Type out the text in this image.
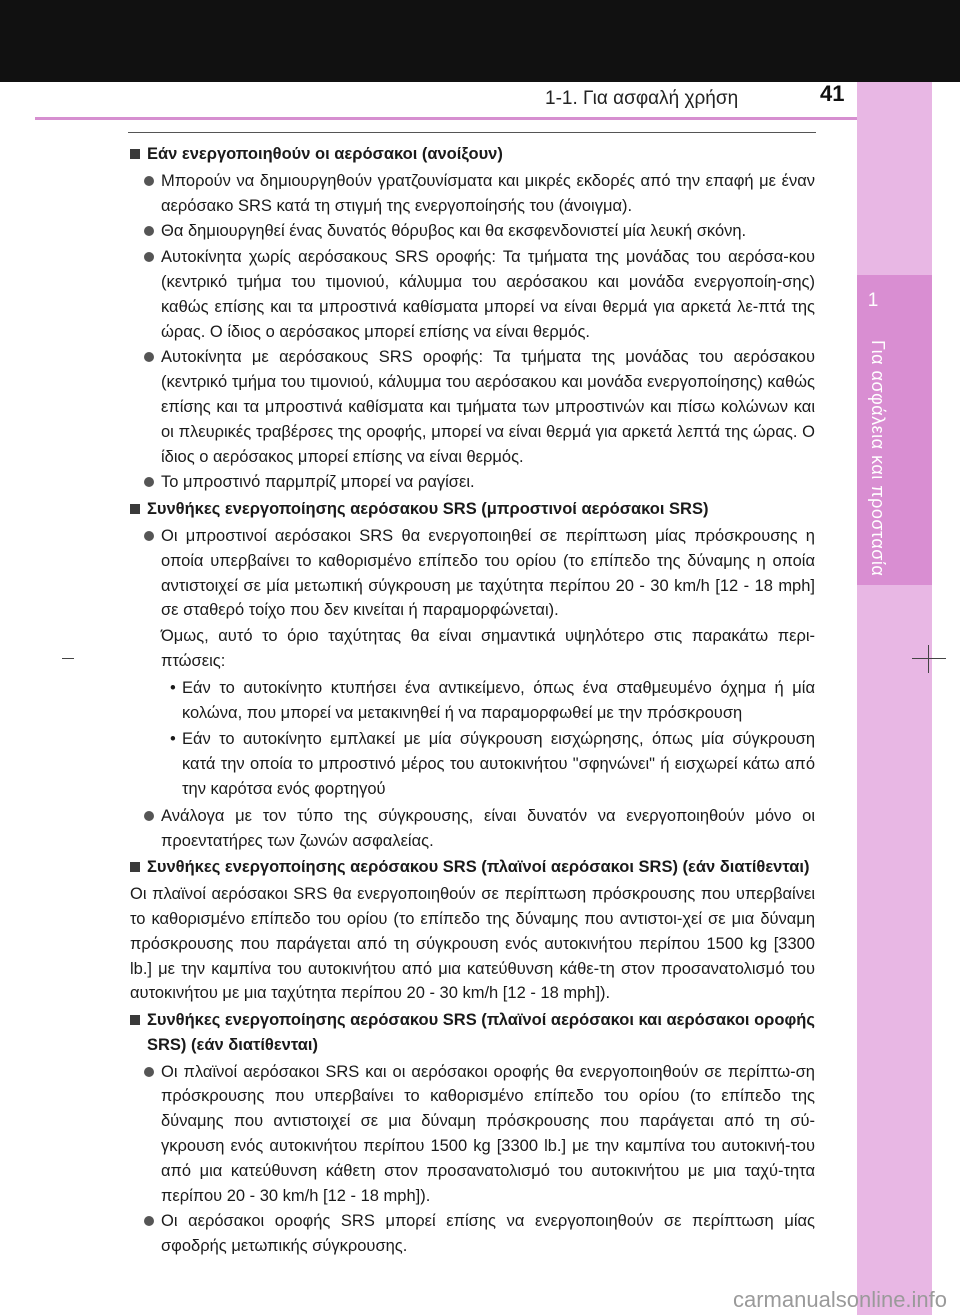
1-1. Για ασφαλή χρήση	41
1
Για ασφάλεια και προστασία
Εάν ενεργοποιηθούν οι αερόσακοι (ανοίξουν)
Μπορούν να δημιουργηθούν γρατζουνίσματα και μικρές εκδορές από την επαφή με έναν αερόσακο SRS κατά τη στιγμή της ενεργοποίησής του (άνοιγμα).
Θα δημιουργηθεί ένας δυνατός θόρυβος και θα εκσφενδονιστεί μία λευκή σκόνη.
Αυτοκίνητα χωρίς αερόσακους SRS οροφής: Τα τμήματα της μονάδας του αερόσα-κου (κεντρικό τμήμα του τιμονιού, κάλυμμα του αερόσακου και μονάδα ενεργοποίη-σης) καθώς επίσης και τα μπροστινά καθίσματα μπορεί να είναι θερμά για αρκετά λε-πτά της ώρας. Ο ίδιος ο αερόσακος μπορεί επίσης να είναι θερμός.
Αυτοκίνητα με αερόσακους SRS οροφής: Τα τμήματα της μονάδας του αερόσακου (κεντρικό τμήμα του τιμονιού, κάλυμμα του αερόσακου και μονάδα ενεργοποίησης) καθώς επίσης και τα μπροστινά καθίσματα και τμήματα των μπροστινών και πίσω κολώνων και οι πλευρικές τραβέρσες της οροφής, μπορεί να είναι θερμά για αρκετά λεπτά της ώρας. Ο ίδιος ο αερόσακος μπορεί επίσης να είναι θερμός.
Το μπροστινό παρμπρίζ μπορεί να ραγίσει.
Συνθήκες ενεργοποίησης αερόσακου SRS (μπροστινοί αερόσακοι SRS)
Οι μπροστινοί αερόσακοι SRS θα ενεργοποιηθεί σε περίπτωση μίας πρόσκρουσης η οποία υπερβαίνει το καθορισμένο επίπεδο του ορίου (το επίπεδο της δύναμης η οποία αντιστοιχεί σε μία μετωπική σύγκρουση με ταχύτητα περίπου 20 - 30 km/h [12 - 18 mph] σε σταθερό τοίχο που δεν κινείται ή παραμορφώνεται).
Όμως, αυτό το όριο ταχύτητας θα είναι σημαντικά υψηλότερο στις παρακάτω περι-πτώσεις:
• Εάν το αυτοκίνητο κτυπήσει ένα αντικείμενο, όπως ένα σταθμευμένο όχημα ή μία κολώνα, που μπορεί να μετακινηθεί ή να παραμορφωθεί με την πρόσκρουση
• Εάν το αυτοκίνητο εμπλακεί με μία σύγκρουση εισχώρησης, όπως μία σύγκρουση κατά την οποία το μπροστινό μέρος του αυτοκινήτου "σφηνώνει" ή εισχωρεί κάτω από την καρότσα ενός φορτηγού
Ανάλογα με τον τύπο της σύγκρουσης, είναι δυνατόν να ενεργοποιηθούν μόνο οι προεντατήρες των ζωνών ασφαλείας.
Συνθήκες ενεργοποίησης αερόσακου SRS (πλαϊνοί αερόσακοι SRS) (εάν διατίθενται)
Οι πλαϊνοί αερόσακοι SRS θα ενεργοποιηθούν σε περίπτωση πρόσκρουσης που υπερβαίνει το καθορισμένο επίπεδο του ορίου (το επίπεδο της δύναμης που αντιστοι-χεί σε μια δύναμη πρόσκρουσης που παράγεται από τη σύγκρουση ενός αυτοκινήτου περίπου 1500 kg [3300 lb.] με την καμπίνα του αυτοκινήτου από μια κατεύθυνση κάθε-τη στον προσανατολισμό του αυτοκινήτου με μια ταχύτητα περίπου 20 - 30 km/h [12 - 18 mph]).
Συνθήκες ενεργοποίησης αερόσακου SRS (πλαϊνοί αερόσακοι και αερόσακοι οροφής SRS) (εάν διατίθενται)
Οι πλαϊνοί αερόσακοι SRS και οι αερόσακοι οροφής θα ενεργοποιηθούν σε περίπτω-ση πρόσκρουσης που υπερβαίνει το καθορισμένο επίπεδο του ορίου (το επίπεδο της δύναμης που αντιστοιχεί σε μια δύναμη πρόσκρουσης που παράγεται από τη σύ-γκρουση ενός αυτοκινήτου περίπου 1500 kg [3300 lb.] με την καμπίνα του αυτοκινή-του από μια κατεύθυνση κάθετη στον προσανατολισμό του αυτοκινήτου με μια ταχύ-τητα περίπου 20 - 30 km/h [12 - 18 mph]).
Οι αερόσακοι οροφής SRS μπορεί επίσης να ενεργοποιηθούν σε περίπτωση μίας σφοδρής μετωπικής σύγκρουσης.
carmanualsonline.info
